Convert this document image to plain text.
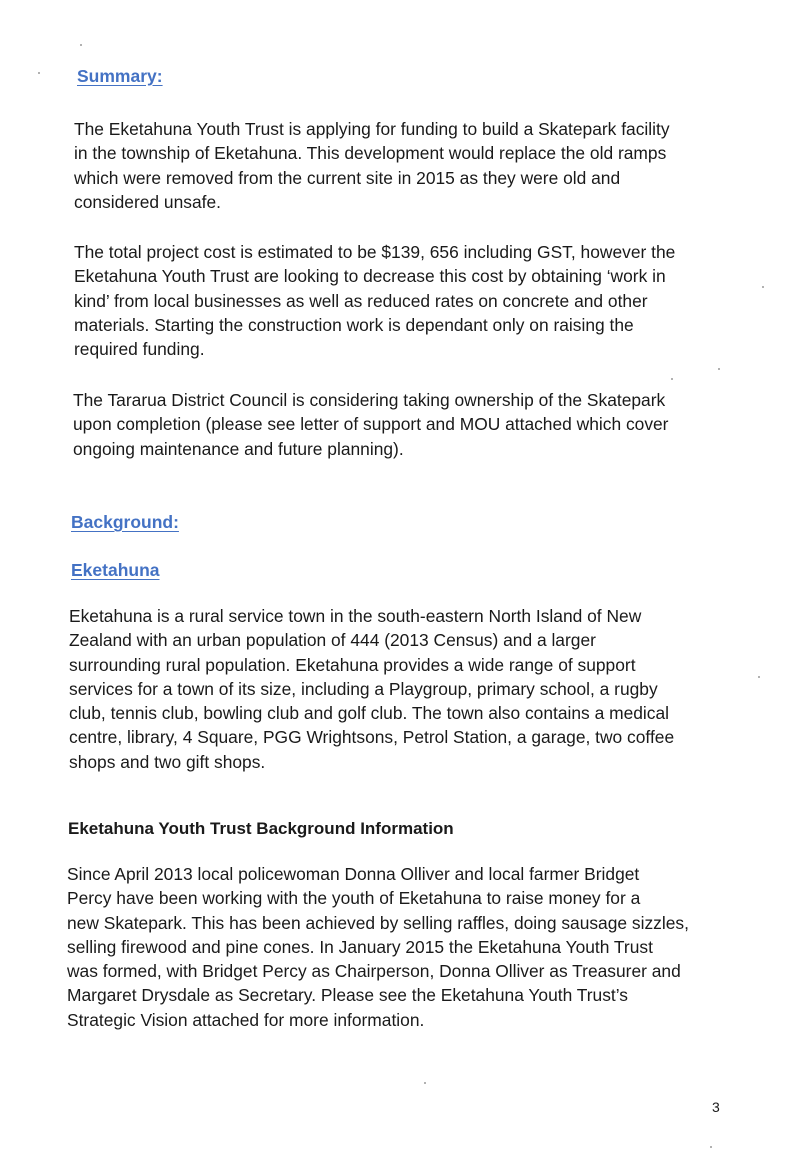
Summary:
The Eketahuna Youth Trust is applying for funding to build a Skatepark facility
in the township of Eketahuna. This development would replace the old ramps
which were removed from the current site in 2015 as they were old and
considered unsafe.
The total project cost is estimated to be $139, 656 including GST, however the
Eketahuna Youth Trust are looking to decrease this cost by obtaining ‘work in
kind’ from local businesses as well as reduced rates on concrete and other
materials. Starting the construction work is dependant only on raising the
required funding.
The Tararua District Council is considering taking ownership of the Skatepark
upon completion (please see letter of support and MOU attached which cover
ongoing maintenance and future planning).
Background:
Eketahuna
Eketahuna is a rural service town in the south-eastern North Island of New
Zealand with an urban population of 444 (2013 Census) and a larger
surrounding rural population. Eketahuna provides a wide range of support
services for a town of its size, including a Playgroup, primary school, a rugby
club, tennis club, bowling club and golf club. The town also contains a medical
centre, library, 4 Square, PGG Wrightsons, Petrol Station, a garage, two coffee
shops and two gift shops.
Eketahuna Youth Trust Background Information
Since April 2013 local policewoman Donna Olliver and local farmer Bridget
Percy have been working with the youth of Eketahuna to raise money for a
new Skatepark. This has been achieved by selling raffles, doing sausage sizzles,
selling firewood and pine cones. In January 2015 the Eketahuna Youth Trust
was formed, with Bridget Percy as Chairperson, Donna Olliver as Treasurer and
Margaret Drysdale as Secretary. Please see the Eketahuna Youth Trust’s
Strategic Vision attached for more information.
3
